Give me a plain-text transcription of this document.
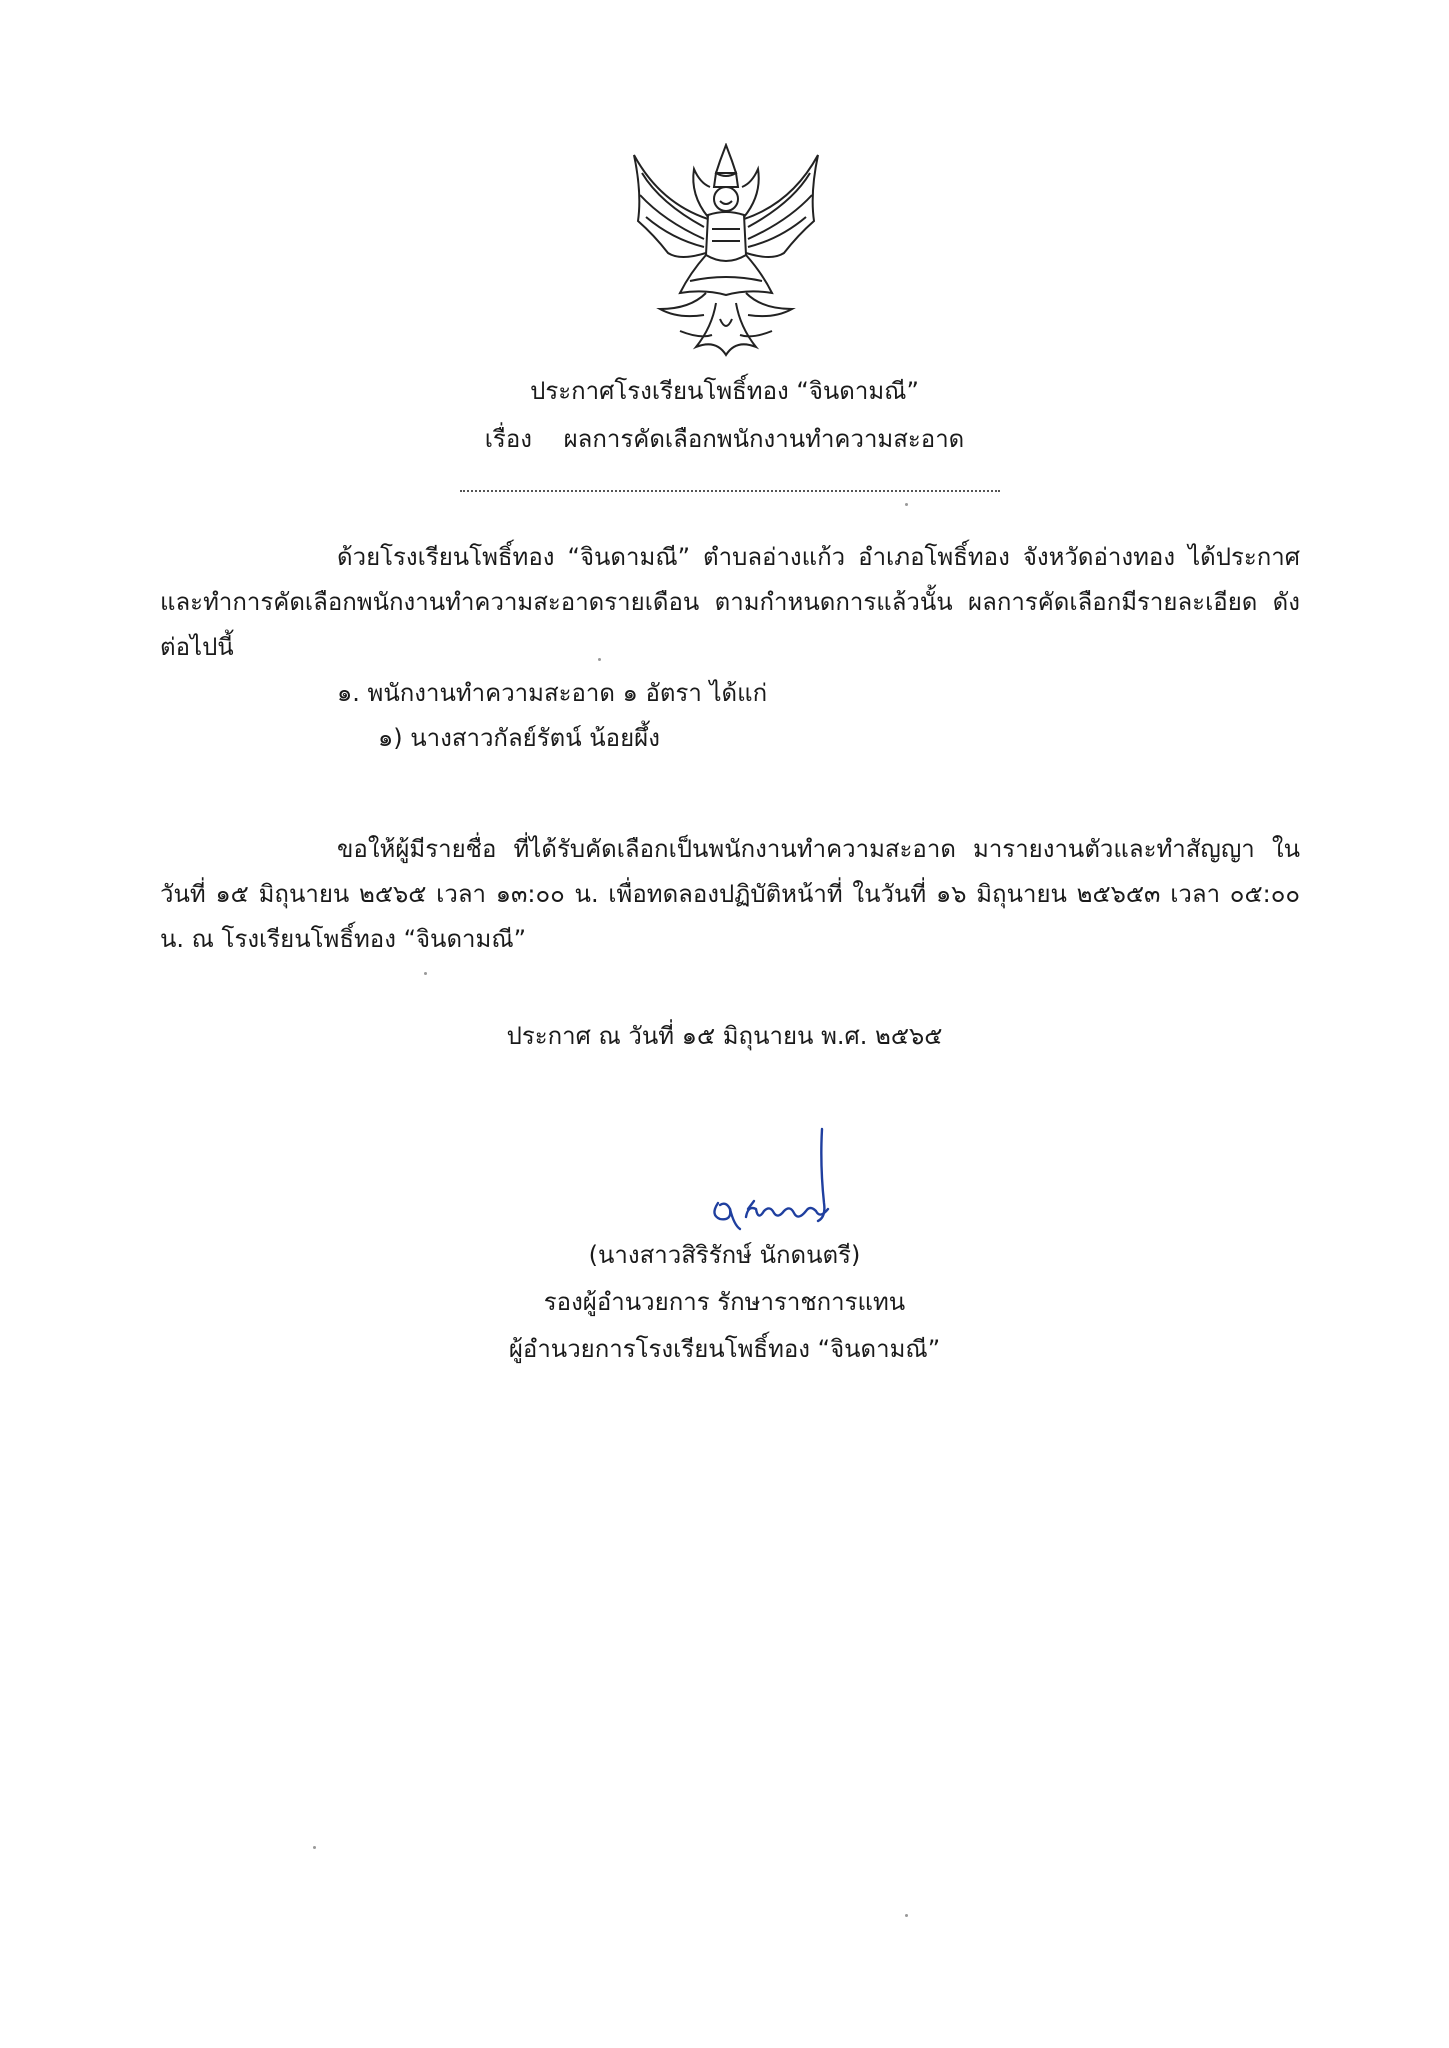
ประกาศโรงเรียนโพธิ์ทอง “จินดามณี”
เรื่อง ผลการคัดเลือกพนักงานทำความสะอาด
ด้วยโรงเรียนโพธิ์ทอง “จินดามณี” ตำบลอ่างแก้ว อำเภอโพธิ์ทอง จังหวัดอ่างทอง ได้ประกาศ และทำการคัดเลือกพนักงานทำความสะอาดรายเดือน ตามกำหนดการแล้วนั้น ผลการคัดเลือกมีรายละเอียด ดังต่อไปนี้
๑. พนักงานทำความสะอาด ๑ อัตรา ได้แก่
๑) นางสาวกัลย์รัตน์ น้อยผึ้ง
ขอให้ผู้มีรายชื่อ ที่ได้รับคัดเลือกเป็นพนักงานทำความสะอาด มารายงานตัวและทำสัญญา ในวันที่ ๑๕ มิถุนายน ๒๕๖๕ เวลา ๑๓:๐๐ น. เพื่อทดลองปฏิบัติหน้าที่ ในวันที่ ๑๖ มิถุนายน ๒๕๖๕๓ เวลา ๐๕:๐๐ น. ณ โรงเรียนโพธิ์ทอง “จินดามณี”
ประกาศ ณ วันที่ ๑๕ มิถุนายน พ.ศ. ๒๕๖๕
(นางสาวสิริรักษ์ นักดนตรี)
รองผู้อำนวยการ รักษาราชการแทน
ผู้อำนวยการโรงเรียนโพธิ์ทอง “จินดามณี”
